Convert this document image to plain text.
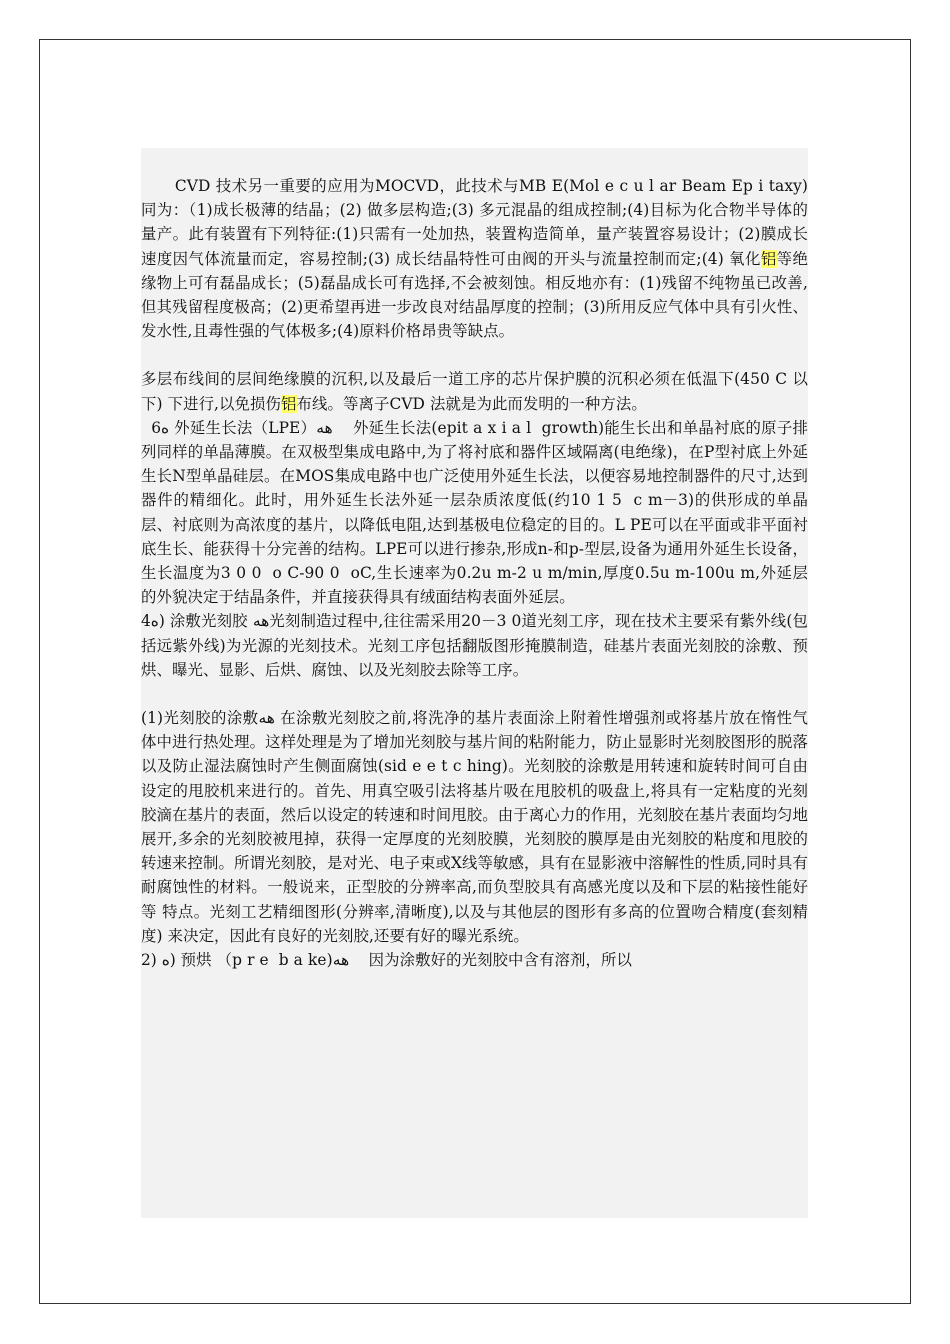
CVD 技术另一重要的应用为MOCVD，此技术与MB E(Mol e c u l ar Beam Ep i taxy) 同为：（1)成长极薄的结晶；(2) 做多层构造;(3) 多元混晶的组成控制;(4)目标为化合物半导体的量产。此有装置有下列特征:(1)只需有一处加热，装置构造简单，量产装置容易设计；(2)膜成长速度因气体流量而定，容易控制;(3) 成长结晶特性可由阀的开头与流量控制而定;(4) 氧化铝等绝缘物上可有磊晶成长；(5)磊晶成长可有选择,不会被刻蚀。相反地亦有：(1)残留不纯物虽已改善,但其残留程度极高；(2)更希望再进一步改良对结晶厚度的控制；(3)所用反应气体中具有引火性、发水性,且毒性强的气体极多;(4)原料价格昂贵等缺点。

多层布线间的层间绝缘膜的沉积,以及最后一道工序的芯片保护膜的沉积必须在低温下(450 C 以下) 下进行,以免损伤铝布线。等离子CVD 法就是为此而发明的一种方法。

6ه 外延生长法（LPE）هه    外延生长法(epit a x i a l  growth)能生长出和单晶衬底的原子排列同样的单晶薄膜。在双极型集成电路中,为了将衬底和器件区域隔离(电绝缘)，在P型衬底上外延生长N型单晶硅层。在MOS集成电路中也广泛使用外延生长法，以便容易地控制器件的尺寸,达到器件的精细化。此时，用外延生长法外延一层杂质浓度低(约10 1 5  c m－3)的供形成的单晶层、衬底则为高浓度的基片，以降低电阻,达到基极电位稳定的目的。L PE可以在平面或非平面衬底生长、能获得十分完善的结构。LPE可以进行掺杂,形成n-和p-型层,设备为通用外延生长设备，生长温度为3 0 0  o C-90 0  oC,生长速率为0.2u m-2 u m/min,厚度0.5u m-100u m,外延层的外貌决定于结晶条件，并直接获得具有绒面结构表面外延层。

4ه) 涂敷光刻胶 هه光刻制造过程中,往往需采用20－3 0道光刻工序，现在技术主要采有紫外线(包括远紫外线)为光源的光刻技术。光刻工序包括翻版图形掩膜制造，硅基片表面光刻胶的涂敷、预烘、曝光、显影、后烘、腐蚀、以及光刻胶去除等工序。

(1)光刻胶的涂敷هه 在涂敷光刻胶之前,将洗净的基片表面涂上附着性增强剂或将基片放在惰性气体中进行热处理。这样处理是为了增加光刻胶与基片间的粘附能力，防止显影时光刻胶图形的脱落以及防止湿法腐蚀时产生侧面腐蚀(sid e e t c hing)。光刻胶的涂敷是用转速和旋转时间可自由设定的甩胶机来进行的。首先、用真空吸引法将基片吸在甩胶机的吸盘上,将具有一定粘度的光刻胶滴在基片的表面，然后以设定的转速和时间甩胶。由于离心力的作用，光刻胶在基片表面均匀地展开,多余的光刻胶被甩掉，获得一定厚度的光刻胶膜，光刻胶的膜厚是由光刻胶的粘度和甩胶的转速来控制。所谓光刻胶，是对光、电子束或X线等敏感，具有在显影液中溶解性的性质,同时具有耐腐蚀性的材料。一般说来，正型胶的分辨率高,而负型胶具有高感光度以及和下层的粘接性能好等 特点。光刻工艺精细图形(分辨率,清晰度),以及与其他层的图形有多高的位置吻合精度(套刻精度) 来决定，因此有良好的光刻胶,还要有好的曝光系统。

2) ه) 预烘 （p r e  b a ke)هه    因为涂敷好的光刻胶中含有溶剂，所以
